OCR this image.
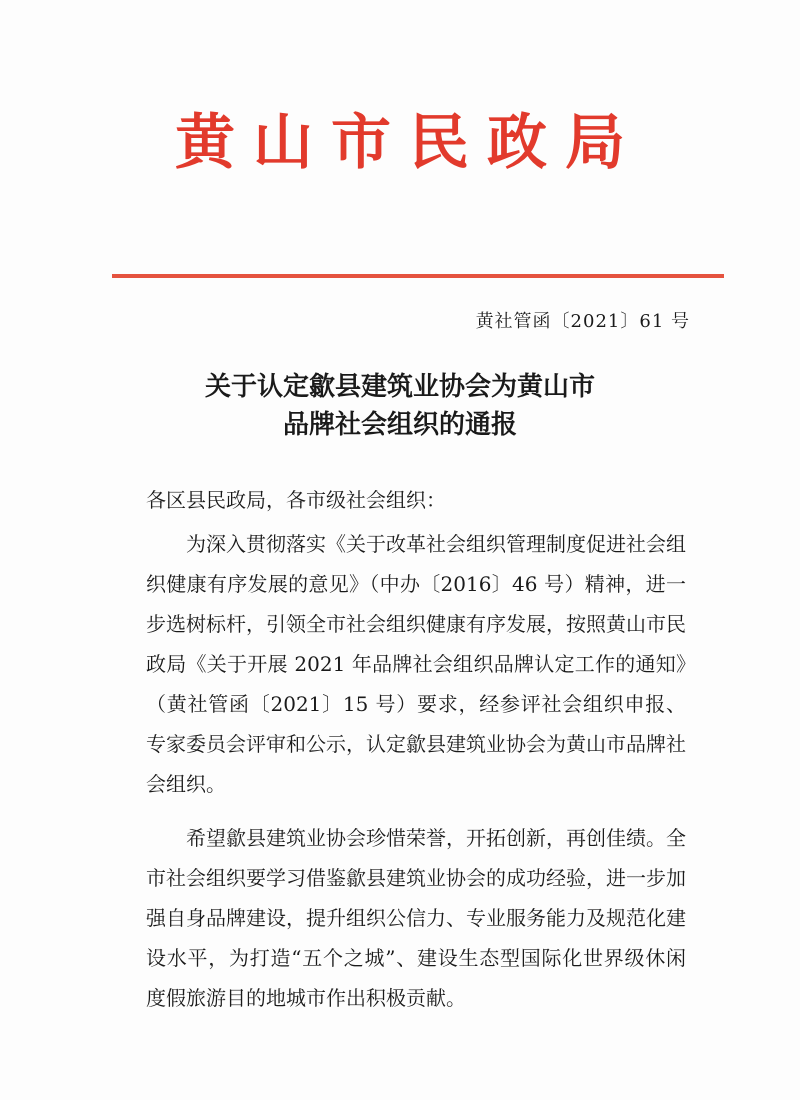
黄山市民政局
黄社管函〔2021〕61 号
关于认定歙县建筑业协会为黄山市
品牌社会组织的通报

各区县民政局，各市级社会组织：

为深入贯彻落实《关于改革社会组织管理制度促进社会组织健康有序发展的意见》（中办〔2016〕46 号）精神，进一步选树标杆，引领全市社会组织健康有序发展，按照黄山市民政局《关于开展 2021 年品牌社会组织品牌认定工作的通知》（黄社管函〔2021〕15 号）要求，经参评社会组织申报、专家委员会评审和公示，认定歙县建筑业协会为黄山市品牌社会组织。

希望歙县建筑业协会珍惜荣誉，开拓创新，再创佳绩。全市社会组织要学习借鉴歙县建筑业协会的成功经验，进一步加强自身品牌建设，提升组织公信力、专业服务能力及规范化建设水平，为打造“五个之城”、建设生态型国际化世界级休闲度假旅游目的地城市作出积极贡献。
